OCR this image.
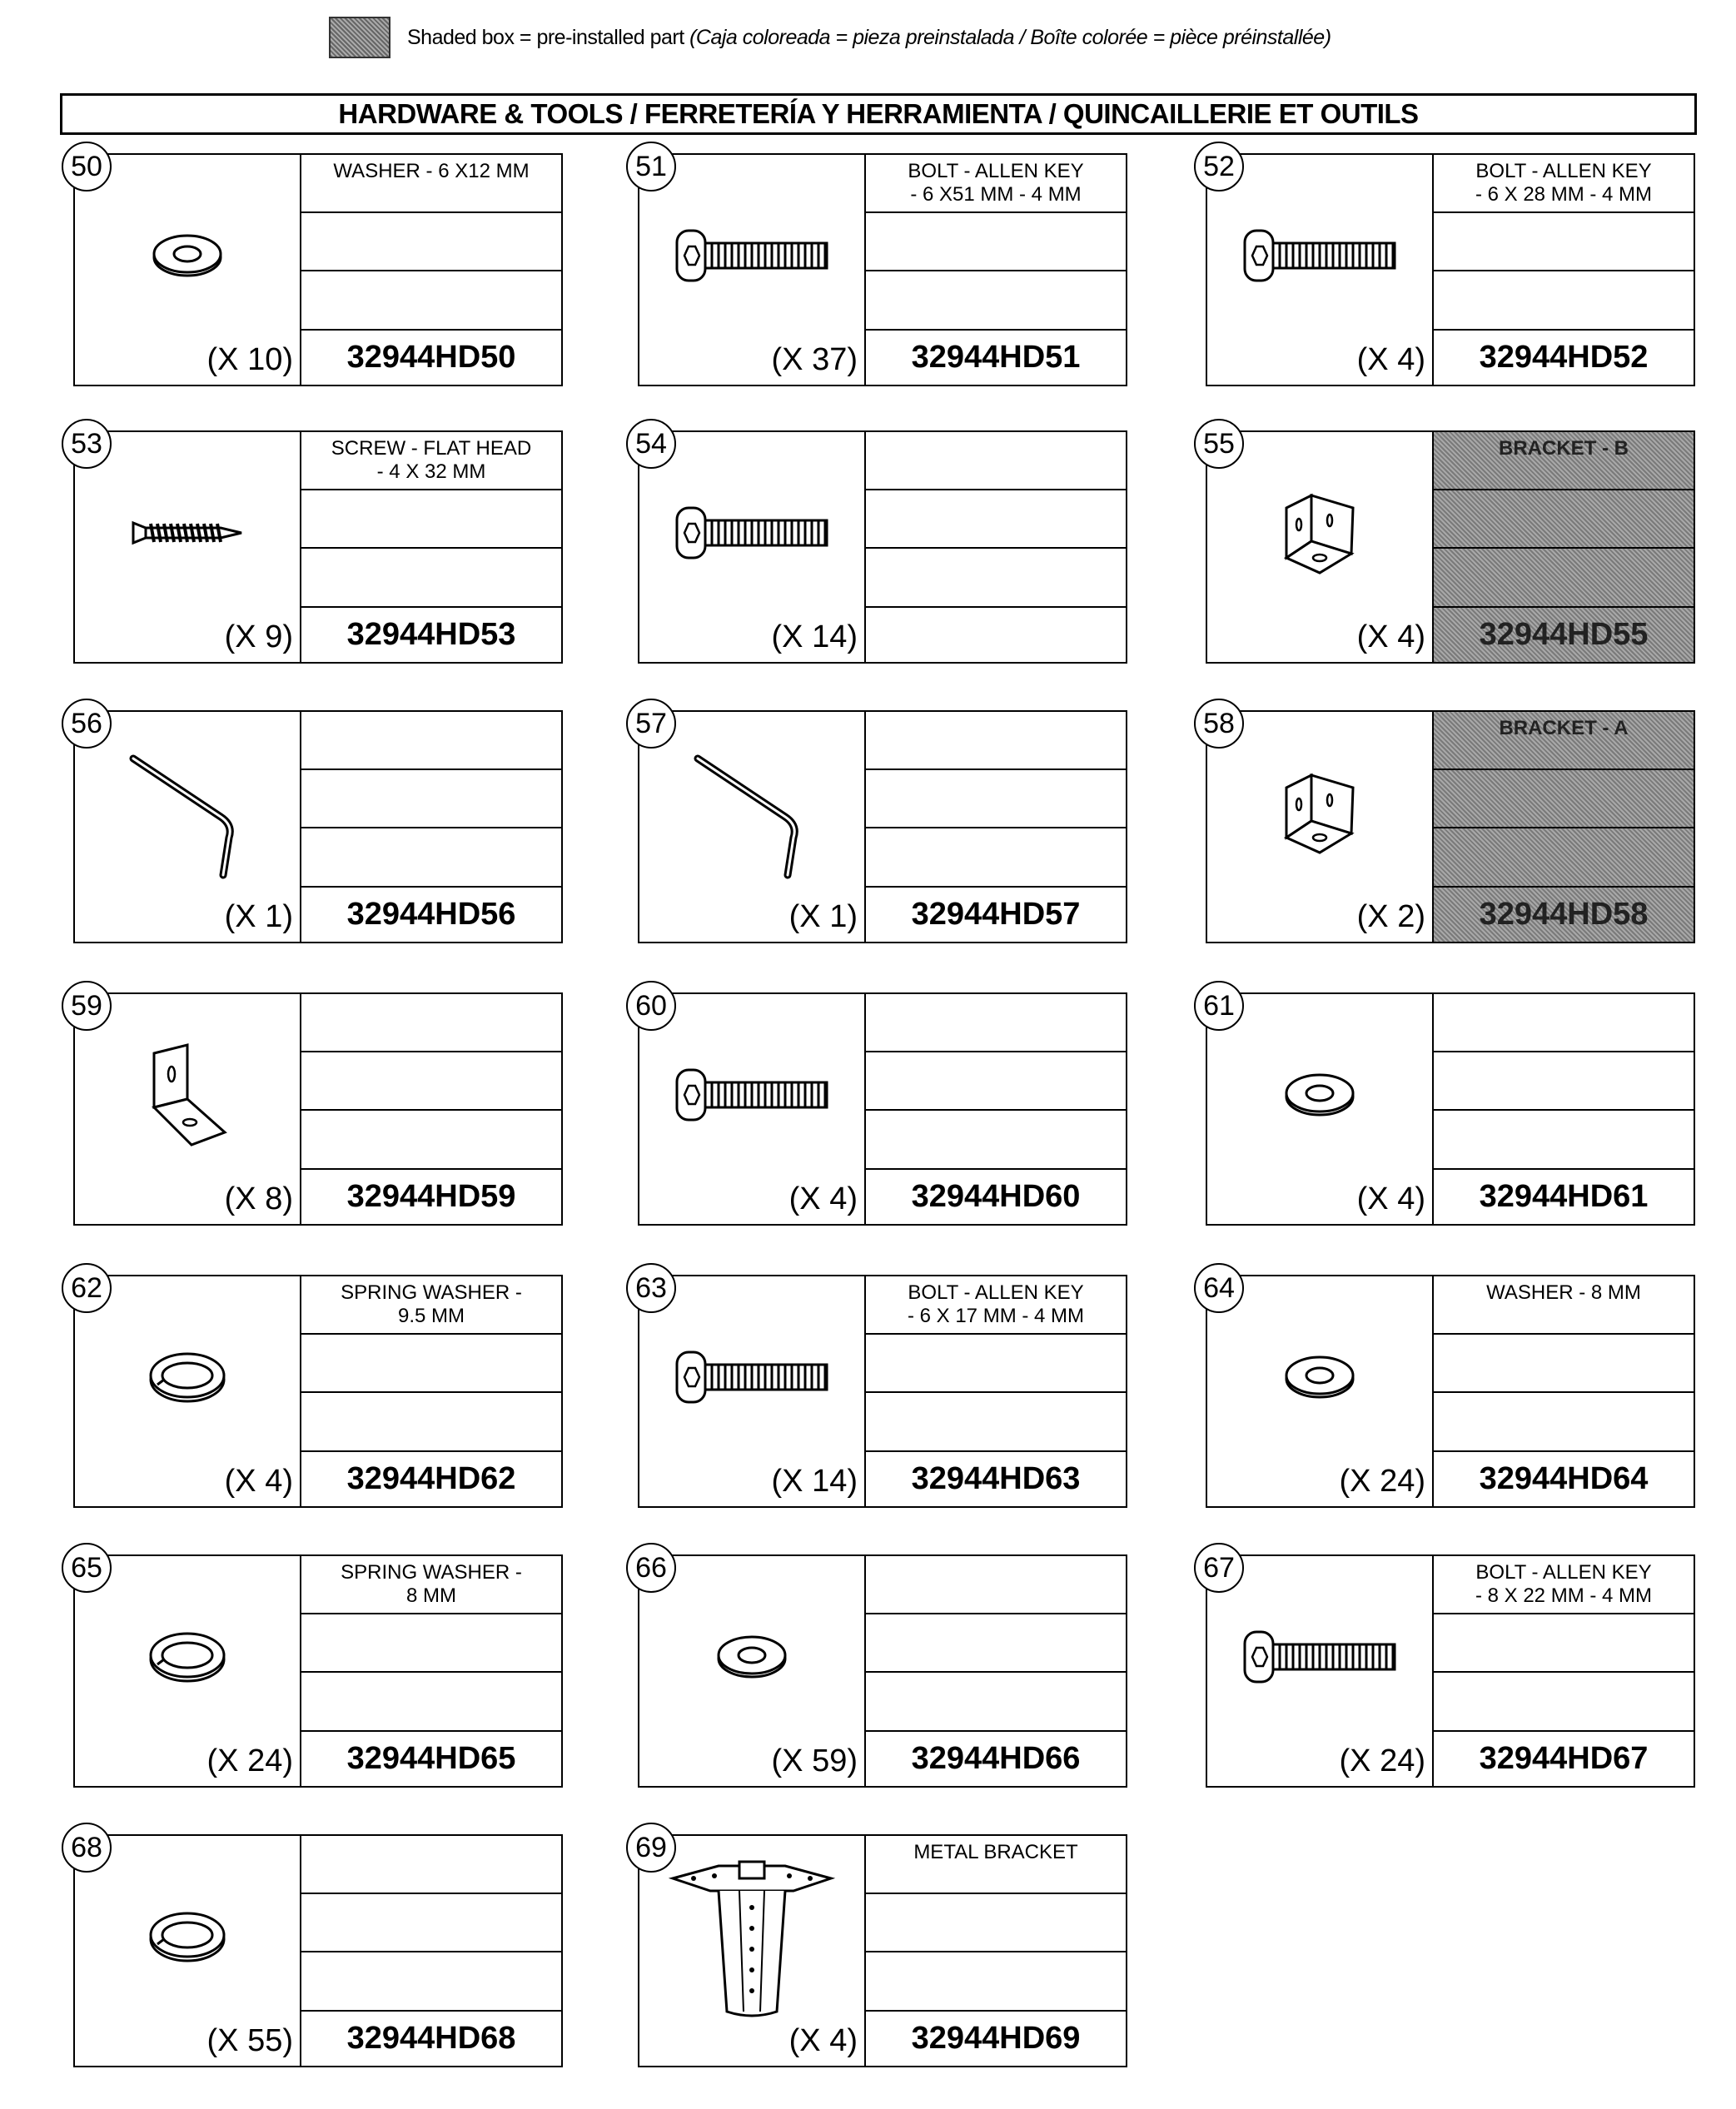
Shaded box = pre-installed part (Caja coloreada = pieza preinstalada / Boîte colorée = pièce préinstallée)
HARDWARE & TOOLS / FERRETERÍA Y HERRAMIENTA / QUINCAILLERIE ET OUTILS
50
(X 10)
WASHER - 6 X12 MM
32944HD50
51
(X 37)
BOLT - ALLEN KEY
- 6 X51 MM - 4 MM
32944HD51
52
(X 4)
BOLT - ALLEN KEY
- 6 X 28 MM - 4 MM
32944HD52
53
(X 9)
SCREW - FLAT HEAD
- 4 X 32 MM
32944HD53
54
(X 14)
55
(X 4)
BRACKET - B
32944HD55
56
(X 1)	32944HD56
57
(X 1)	32944HD57
58
(X 2)
BRACKET - A
32944HD58
59
(X 8)	32944HD59
60
(X 4)	32944HD60
61
(X 4)	32944HD61
62
(X 4)
SPRING WASHER -
9.5 MM
32944HD62
63
(X 14)
BOLT - ALLEN KEY
- 6 X 17 MM - 4 MM
32944HD63
64
(X 24)
WASHER - 8 MM
32944HD64
65
(X 24)
SPRING WASHER -
8 MM
32944HD65
66
(X 59)	32944HD66
67
(X 24)
BOLT - ALLEN KEY
- 8 X 22 MM - 4 MM
32944HD67
68
(X 55)	32944HD68
69
(X 4)
METAL BRACKET
32944HD69
